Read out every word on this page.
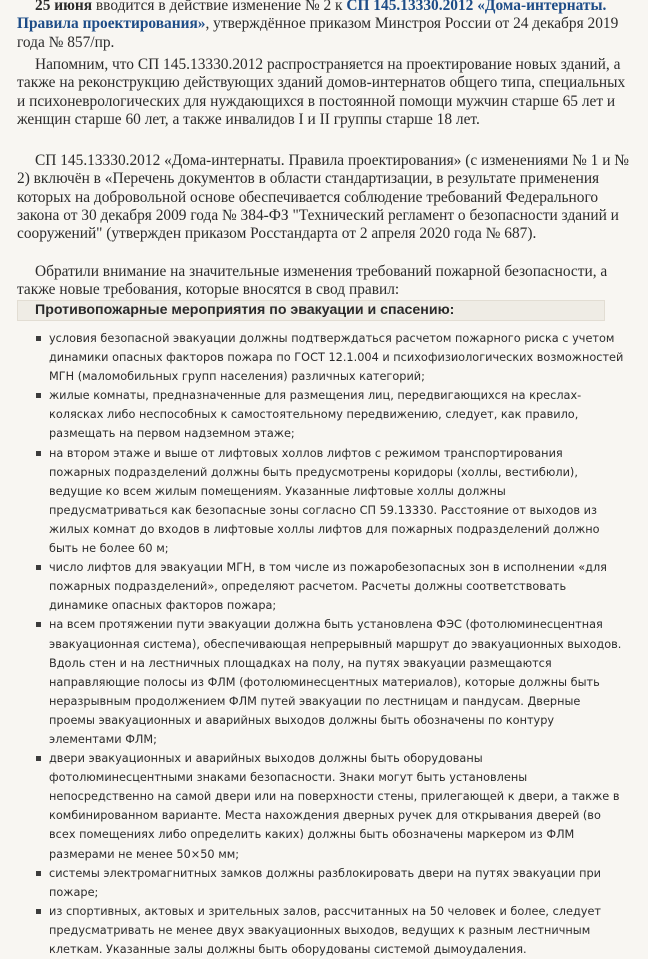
25 июня вводится в действие изменение № 2 к СП 145.13330.2012 «Дома-интернаты. Правила проектирования», утверждённое приказом Минстроя России от 24 декабря 2019 года № 857/пр.

Напомним, что СП 145.13330.2012 распространяется на проектирование новых зданий, а также на реконструкцию действующих зданий домов-интернатов общего типа, специальных и психоневрологических для нуждающихся в постоянной помощи мужчин старше 65 лет и женщин старше 60 лет, а также инвалидов I и II группы старше 18 лет.

СП 145.13330.2012 «Дома-интернаты. Правила проектирования» (с изменениями № 1 и № 2) включён в «Перечень документов в области стандартизации, в результате применения которых на добровольной основе обеспечивается соблюдение требований Федерального закона от 30 декабря 2009 года № 384-ФЗ "Технический регламент о безопасности зданий и сооружений" (утвержден приказом Росстандарта от 2 апреля 2020 года № 687).

Обратили внимание на значительные изменения требований пожарной безопасности, а также новые требования, которые вносятся в свод правил:

Противопожарные мероприятия по эвакуации и спасению:
условия безопасной эвакуации должны подтверждаться расчетом пожарного риска с учетом динамики опасных факторов пожара по ГОСТ 12.1.004 и психофизиологических возможностей МГН (маломобильных групп населения) различных категорий;
жилые комнаты, предназначенные для размещения лиц, передвигающихся на креслах-колясках либо неспособных к самостоятельному передвижению, следует, как правило, размещать на первом надземном этаже;
на втором этаже и выше от лифтовых холлов лифтов с режимом транспортирования пожарных подразделений должны быть предусмотрены коридоры (холлы, вестибюли), ведущие ко всем жилым помещениям. Указанные лифтовые холлы должны предусматриваться как безопасные зоны согласно СП 59.13330. Расстояние от выходов из жилых комнат до входов в лифтовые холлы лифтов для пожарных подразделений должно быть не более 60 м;
число лифтов для эвакуации МГН, в том числе из пожаробезопасных зон в исполнении «для пожарных подразделений», определяют расчетом. Расчеты должны соответствовать динамике опасных факторов пожара;
на всем протяжении пути эвакуации должна быть установлена ФЭС (фотолюминесцентная эвакуационная система), обеспечивающая непрерывный маршрут до эвакуационных выходов. Вдоль стен и на лестничных площадках на полу, на путях эвакуации размещаются направляющие полосы из ФЛМ (фотолюминесцентных материалов), которые должны быть неразрывным продолжением ФЛМ путей эвакуации по лестницам и пандусам. Дверные проемы эвакуационных и аварийных выходов должны быть обозначены по контуру элементами ФЛМ;
двери эвакуационных и аварийных выходов должны быть оборудованы фотолюминесцентными знаками безопасности. Знаки могут быть установлены непосредственно на самой двери или на поверхности стены, прилегающей к двери, а также в комбинированном варианте. Места нахождения дверных ручек для открывания дверей (во всех помещениях либо определить каких) должны быть обозначены маркером из ФЛМ размерами не менее 50×50 мм;
системы электромагнитных замков должны разблокировать двери на путях эвакуации при пожаре;
из спортивных, актовых и зрительных залов, рассчитанных на 50 человек и более, следует предусматривать не менее двух эвакуационных выходов, ведущих к разным лестничным клеткам. Указанные залы должны быть оборудованы системой дымоудаления.
